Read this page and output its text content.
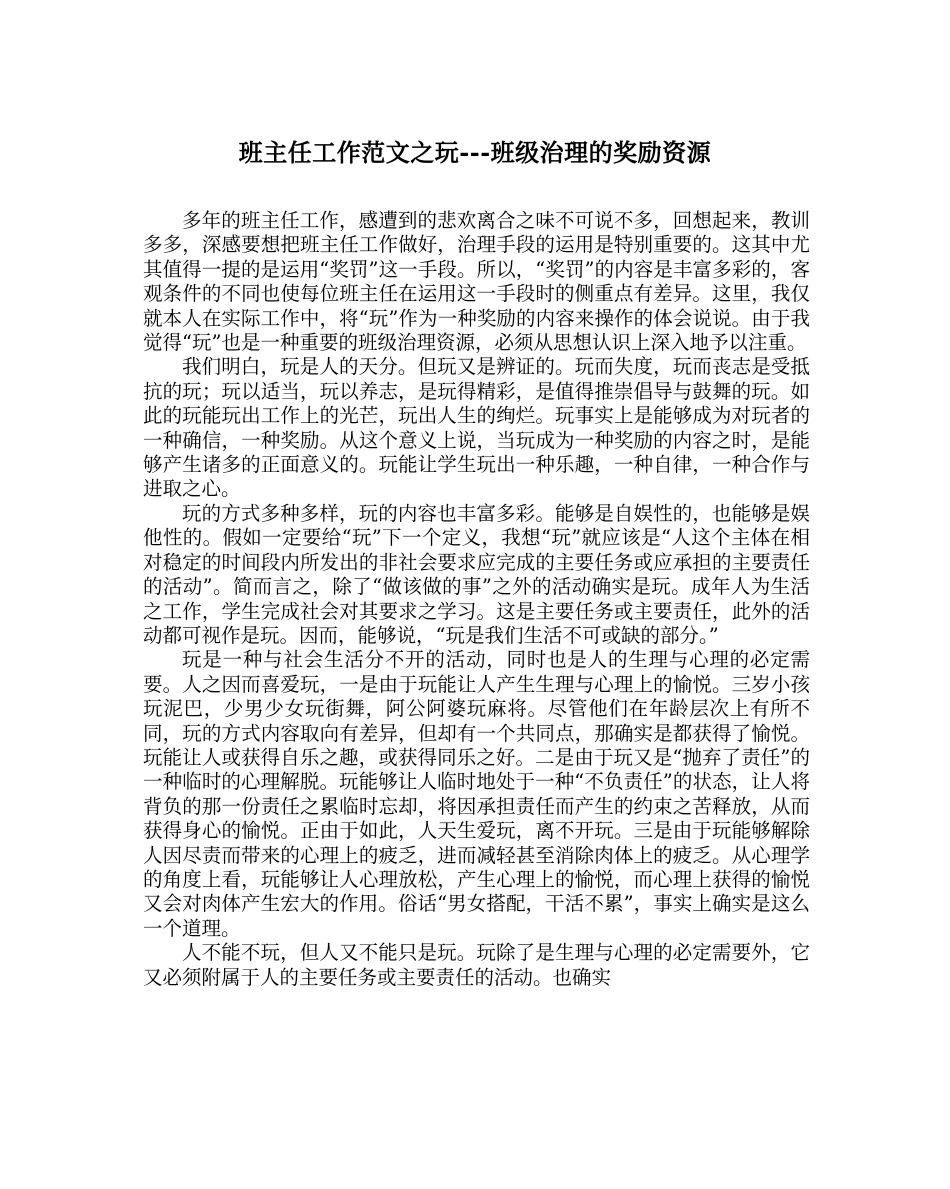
班主任工作范文之玩---班级治理的奖励资源

多年的班主任工作，感遭到的悲欢离合之味不可说不多，回想起来，教训多多，深感要想把班主任工作做好，治理手段的运用是特别重要的。这其中尤其值得一提的是运用“奖罚”这一手段。所以，“奖罚”的内容是丰富多彩的，客观条件的不同也使每位班主任在运用这一手段时的侧重点有差异。这里，我仅就本人在实际工作中，将“玩”作为一种奖励的内容来操作的体会说说。由于我觉得“玩”也是一种重要的班级治理资源，必须从思想认识上深入地予以注重。

我们明白，玩是人的天分。但玩又是辨证的。玩而失度，玩而丧志是受抵抗的玩；玩以适当，玩以养志，是玩得精彩，是值得推崇倡导与鼓舞的玩。如此的玩能玩出工作上的光芒，玩出人生的绚烂。玩事实上是能够成为对玩者的一种确信，一种奖励。从这个意义上说，当玩成为一种奖励的内容之时，是能够产生诸多的正面意义的。玩能让学生玩出一种乐趣，一种自律，一种合作与进取之心。

玩的方式多种多样，玩的内容也丰富多彩。能够是自娱性的，也能够是娱他性的。假如一定要给“玩”下一个定义，我想“玩”就应该是“人这个主体在相对稳定的时间段内所发出的非社会要求应完成的主要任务或应承担的主要责任的活动”。简而言之，除了“做该做的事”之外的活动确实是玩。成年人为生活之工作，学生完成社会对其要求之学习。这是主要任务或主要责任，此外的活动都可视作是玩。因而，能够说，“玩是我们生活不可或缺的部分。”

玩是一种与社会生活分不开的活动，同时也是人的生理与心理的必定需要。人之因而喜爱玩，一是由于玩能让人产生生理与心理上的愉悦。三岁小孩玩泥巴，少男少女玩街舞，阿公阿婆玩麻将。尽管他们在年龄层次上有所不同，玩的方式内容取向有差异，但却有一个共同点，那确实是都获得了愉悦。玩能让人或获得自乐之趣，或获得同乐之好。二是由于玩又是“抛弃了责任”的一种临时的心理解脱。玩能够让人临时地处于一种“不负责任”的状态，让人将背负的那一份责任之累临时忘却，将因承担责任而产生的约束之苦释放，从而获得身心的愉悦。正由于如此，人天生爱玩，离不开玩。三是由于玩能够解除人因尽责而带来的心理上的疲乏，进而减轻甚至消除肉体上的疲乏。从心理学的角度上看，玩能够让人心理放松，产生心理上的愉悦，而心理上获得的愉悦又会对肉体产生宏大的作用。俗话“男女搭配，干活不累”，事实上确实是这么一个道理。

人不能不玩，但人又不能只是玩。玩除了是生理与心理的必定需要外，它又必须附属于人的主要任务或主要责任的活动。也确实
